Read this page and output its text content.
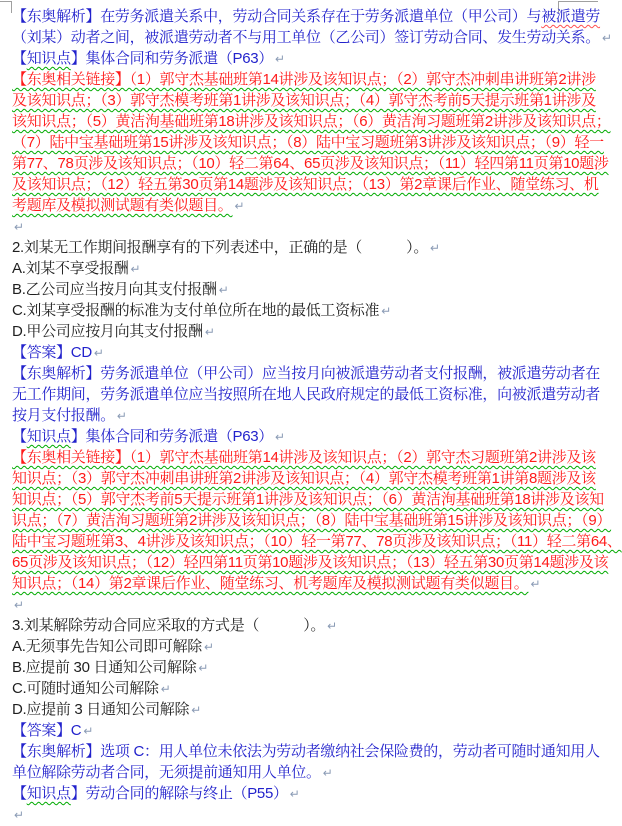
【东奥解析】在劳务派遣关系中，劳动合同关系存在于劳务派遣单位（甲公司）与被派遣劳
（刘某）动者之间，被派遣劳动者不与用工单位（乙公司）签订劳动合同、发生劳动关系。 ↵
【知识点】集体合同和劳务派遣（P63） ↵
【东奥相关链接】（1）郭守杰基础班第14讲涉及该知识点；（2）郭守杰冲刺串讲班第2讲涉
及该知识点；（3）郭守杰模考班第1讲涉及该知识点；（4）郭守杰考前5天提示班第1讲涉及
该知识点；（5）黄洁洵基础班第18讲涉及该知识点；（6）黄洁洵习题班第2讲涉及该知识点；
（7）陆中宝基础班第15讲涉及该知识点；（8）陆中宝习题班第3讲涉及该知识点；（9）轻一
第77、78页涉及该知识点；（10）轻二第64、65页涉及该知识点；（11）轻四第11页第10题涉
及该知识点；（12）轻五第30页第14题涉及该知识点；（13）第2章课后作业、随堂练习、机
考题库及模拟测试题有类似题目。 ↵
↵
2.刘某无工作期间报酬享有的下列表述中，正确的是（　　　）。 ↵
A.刘某不享受报酬 ↵
B.乙公司应当按月向其支付报酬 ↵
C.刘某享受报酬的标准为支付单位所在地的最低工资标准 ↵
D.甲公司应按月向其支付报酬 ↵
【答案】CD ↵
【东奥解析】劳务派遣单位（甲公司）应当按月向被派遣劳动者支付报酬，被派遣劳动者在
无工作期间，劳务派遣单位应当按照所在地人民政府规定的最低工资标准，向被派遣劳动者
按月支付报酬。 ↵
【知识点】集体合同和劳务派遣（P63） ↵
【东奥相关链接】（1）郭守杰基础班第14讲涉及该知识点；（2）郭守杰习题班第2讲涉及该
知识点；（3）郭守杰冲刺串讲班第2讲涉及该知识点；（4）郭守杰模考班第1讲第8题涉及该
知识点；（5）郭守杰考前5天提示班第1讲涉及该知识点；（6）黄洁洵基础班第18讲涉及该知
识点；（7）黄洁洵习题班第2讲涉及该知识点；（8）陆中宝基础班第15讲涉及该知识点；（9）
陆中宝习题班第3、4讲涉及该知识点；（10）轻一第77、78页涉及该知识点；（11）轻二第64、
65页涉及该知识点；（12）轻四第11页第10题涉及该知识点；（13）轻五第30页第14题涉及该
知识点；（14）第2章课后作业、随堂练习、机考题库及模拟测试题有类似题目。 ↵
↵
3.刘某解除劳动合同应采取的方式是（　　　）。 ↵
A.无须事先告知公司即可解除 ↵
B.应提前 30 日通知公司解除 ↵
C.可随时通知公司解除 ↵
D.应提前 3 日通知公司解除 ↵
【答案】C ↵
【东奥解析】选项 C：用人单位未依法为劳动者缴纳社会保险费的，劳动者可随时通知用人
单位解除劳动者合同，无须提前通知用人单位。 ↵
【知识点】劳动合同的解除与终止（P55） ↵
↵
